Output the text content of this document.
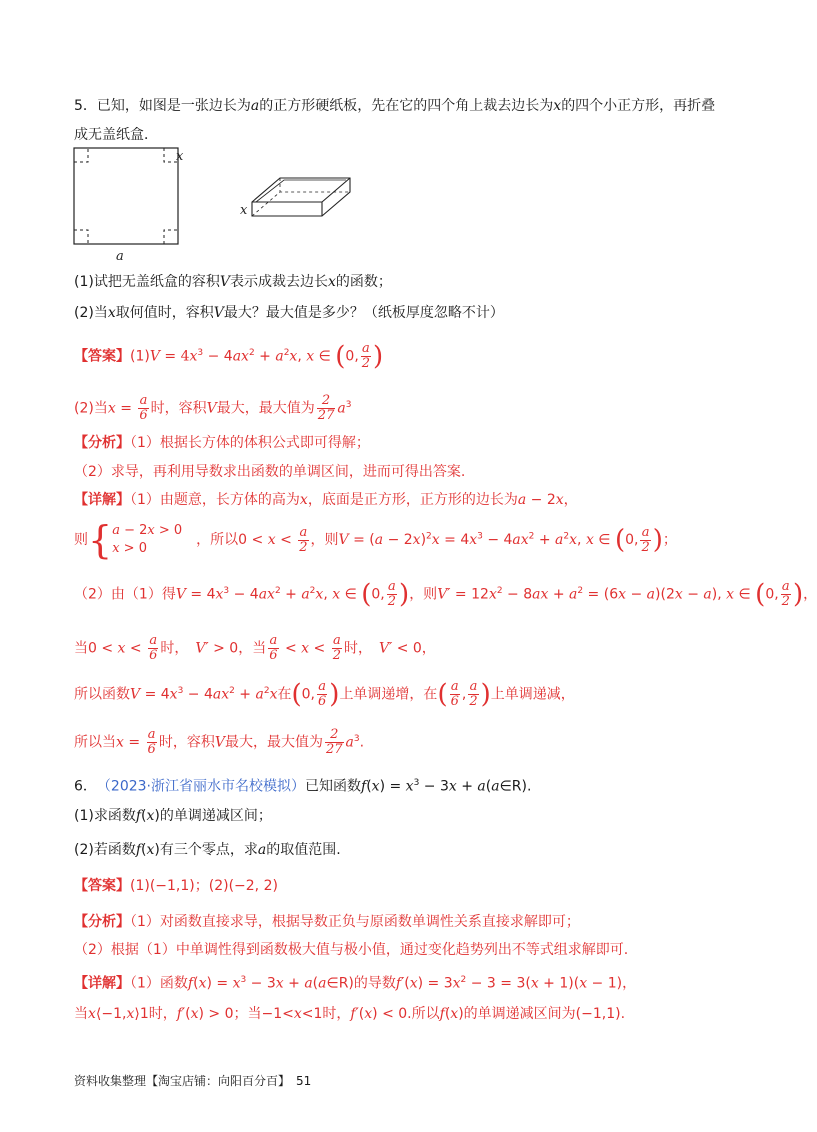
5．已知，如图是一张边长为a的正方形硬纸板，先在它的四个角上裁去边长为x的四个小正方形，再折叠
成无盖纸盒．
x
a
x
(1)试把无盖纸盒的容积V表示成裁去边长x的函数；
(2)当x取何值时，容积V最大？最大值是多少？（纸板厚度忽略不计）
【答案】$(1)V = 4x^3 - 4ax^2 + a^2x$, x ∈ (0, $\frac{a}{2}$ )
(2)当$x = \frac{a}{6}$ 时，容积V最大，最大值为 $\frac{2}{27} a^3$
【分析】（1）根据长方体的体积公式即可得解；
（2）求导，再利用导数求出函数的单调区间，进而可得出答案.
【详解】（1）由题意，长方体的高为x，底面是正方形，正方形的边长为a − 2x，
则{a − 2x > 0
x > 0　，所以$0 < x < \frac{a}{2}$ ，则$V = (a - 2x)^2x = 4x^3 - 4ax^2 + a^2x$, x ∈ (0, $\frac{a}{2}$ )；
（2）由（1）得$V = 4x^3 - 4ax^2 + a^2x$, x ∈ (0, $\frac{a}{2}$ )，则$V' = 12x^2 - 8ax + a^2 = (6x - a)(2x - a)$, x ∈ (0, $\frac{a}{2}$ )，
当$0 < x < \frac{a}{6}$ 时，　V′ > 0，当 $\frac{a}{6} < x < \frac{a}{2}$ 时，　V′ < 0，
所以函数$V = 4x^3 - 4ax^2 + a^2x$在(0, $\frac{a}{6}$ )上单调递增，在( $\frac{a}{6}$ , $\frac{a}{2}$ )上单调递减，
所以当$x = \frac{a}{6}$ 时，容积V最大，最大值为 $\frac{2}{27} a^3$.
6．　 （2023·浙江省丽水市名校模拟）已知函数$f(x) = x^3 - 3x$ + a(a∈R).
(1)求函数f(x)的单调递减区间；
(2)若函数f(x)有三个零点，求a的取值范围.
【答案】(1)(−1,1)；(2)(−2, 2)
【分析】（1）对函数直接求导，根据导数正负与原函数单调性关系直接求解即可；
（2）根据（1）中单调性得到函数极大值与极小值，通过变化趋势列出不等式组求解即可.
【详解】（1）函数$f(x) = x^3 - 3x$ + a(a∈R)的导数$f'(x) = 3x^2 - 3 = 3(x + 1)(x - 1)$，
当x⟨−1,x⟩1时，f′(x) > 0；当−1<x<1时，f′(x) < 0.所以f(x)的单调递减区间为(−1,1).
资料收集整理【淘宝店铺：向阳百分百】　51
